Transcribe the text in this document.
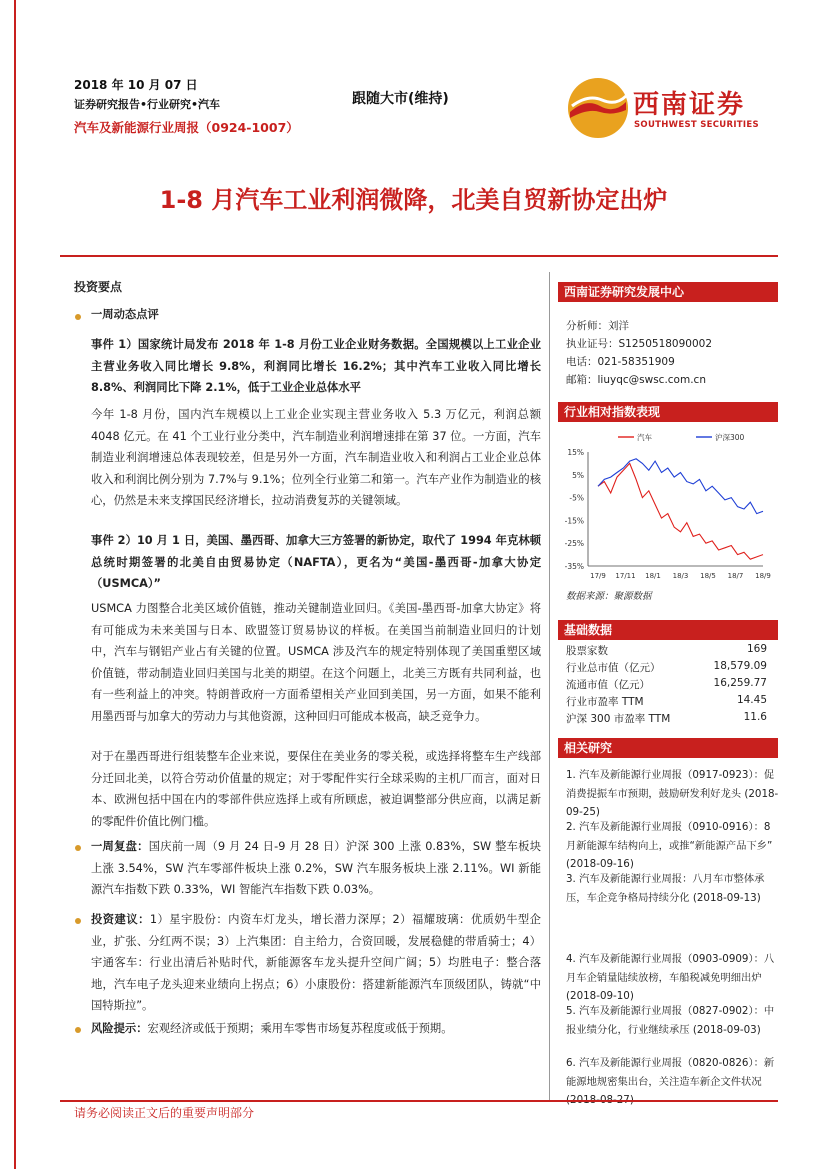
2018 年 10 月 07 日
证券研究报告•行业研究•汽车
汽车及新能源行业周报（0924-1007）
跟随大市(维持)	西南证券
SOUTHWEST SECURITIES
1-8 月汽车工业利润微降，北美自贸新协定出炉
投资要点
一周动态点评
事件 1）国家统计局发布 2018 年 1-8 月份工业企业财务数据。全国规模以上工业企业主营业务收入同比增长 9.8%，利润同比增长 16.2%；其中汽车工业收入同比增长 8.8%、利润同比下降 2.1%，低于工业企业总体水平
今年 1-8 月份，国内汽车规模以上工业企业实现主营业务收入 5.3 万亿元，利润总额 4048 亿元。在 41 个工业行业分类中，汽车制造业利润增速排在第 37 位。一方面，汽车制造业利润增速总体表现较差，但是另外一方面，汽车制造业收入和利润占工业企业总体收入和利润比例分别为 7.7%与 9.1%；位列全行业第二和第一。汽车产业作为制造业的核心，仍然是未来支撑国民经济增长，拉动消费复苏的关键领域。
事件 2）10 月 1 日，美国、墨西哥、加拿大三方签署的新协定，取代了 1994 年克林顿总统时期签署的北美自由贸易协定（NAFTA），更名为“美国-墨西哥-加拿大协定（USMCA）”
USMCA 力图整合北美区域价值链，推动关键制造业回归。《美国-墨西哥-加拿大协定》将有可能成为未来美国与日本、欧盟签订贸易协议的样板。在美国当前制造业回归的计划中，汽车与钢铝产业占有关键的位置。USMCA 涉及汽车的规定特别体现了美国重塑区域价值链，带动制造业回归美国与北美的期望。在这个问题上，北美三方既有共同利益，也有一些利益上的冲突。特朗普政府一方面希望相关产业回到美国，另一方面，如果不能利用墨西哥与加拿大的劳动力与其他资源，这种回归可能成本极高，缺乏竞争力。
对于在墨西哥进行组装整车企业来说，要保住在美业务的零关税，或选择将整车生产线部分迁回北美，以符合劳动价值量的规定；对于零配件实行全球采购的主机厂而言，面对日本、欧洲包括中国在内的零部件供应选择上或有所顾虑，被迫调整部分供应商，以满足新的零配件价值比例门槛。
一周复盘：国庆前一周（9 月 24 日-9 月 28 日）沪深 300 上涨 0.83%，SW 整车板块上涨 3.54%，SW 汽车零部件板块上涨 0.2%，SW 汽车服务板块上涨 2.11%。WI 新能源汽车指数下跌 0.33%，WI 智能汽车指数下跌 0.03%。
投资建议：1）星宇股份：内资车灯龙头，增长潜力深厚；2）福耀玻璃：优质奶牛型企业，扩张、分红两不误；3）上汽集团：自主给力，合资回暖，发展稳健的带盾骑士；4）宇通客车：行业出清后补贴时代，新能源客车龙头提升空间广阔；5）均胜电子：整合落地，汽车电子龙头迎来业绩向上拐点；6）小康股份：搭建新能源汽车顶级团队，铸就“中国特斯拉”。
风险提示：宏观经济或低于预期；乘用车零售市场复苏程度或低于预期。
西南证券研究发展中心
分析师：刘洋
执业证号：S1250518090002
电话：021-58351909
邮箱：liuyqc@swsc.com.cn
行业相对指数表现
15%
5%
-5%
-15%
-25%
-35%
17/9 17/11 18/1 18/3 18/5 18/7 18/9
汽车	沪深300
数据来源：聚源数据
基础数据
股票家数	169
行业总市值（亿元）	18,579.09
流通市值（亿元）	16,259.77
行业市盈率 TTM	14.45
沪深 300 市盈率 TTM	11.6
相关研究
1. 汽车及新能源行业周报（0917-0923）：促消费提振车市预期，鼓励研发利好龙头 (2018-09-25)
2. 汽车及新能源行业周报（0910-0916）：8 月新能源车结构向上，或推“新能源产品下乡” (2018-09-16)
3. 汽车及新能源行业周报：八月车市整体承压，车企竞争格局持续分化 (2018-09-13)
4. 汽车及新能源行业周报（0903-0909）：八月车企销量陆续放榜，车船税减免明细出炉 (2018-09-10)
5. 汽车及新能源行业周报（0827-0902）：中报业绩分化，行业继续承压 (2018-09-03)
6. 汽车及新能源行业周报（0820-0826）：新能源地规密集出台，关注造车新企文件状况
请务必阅读正文后的重要声明部分
